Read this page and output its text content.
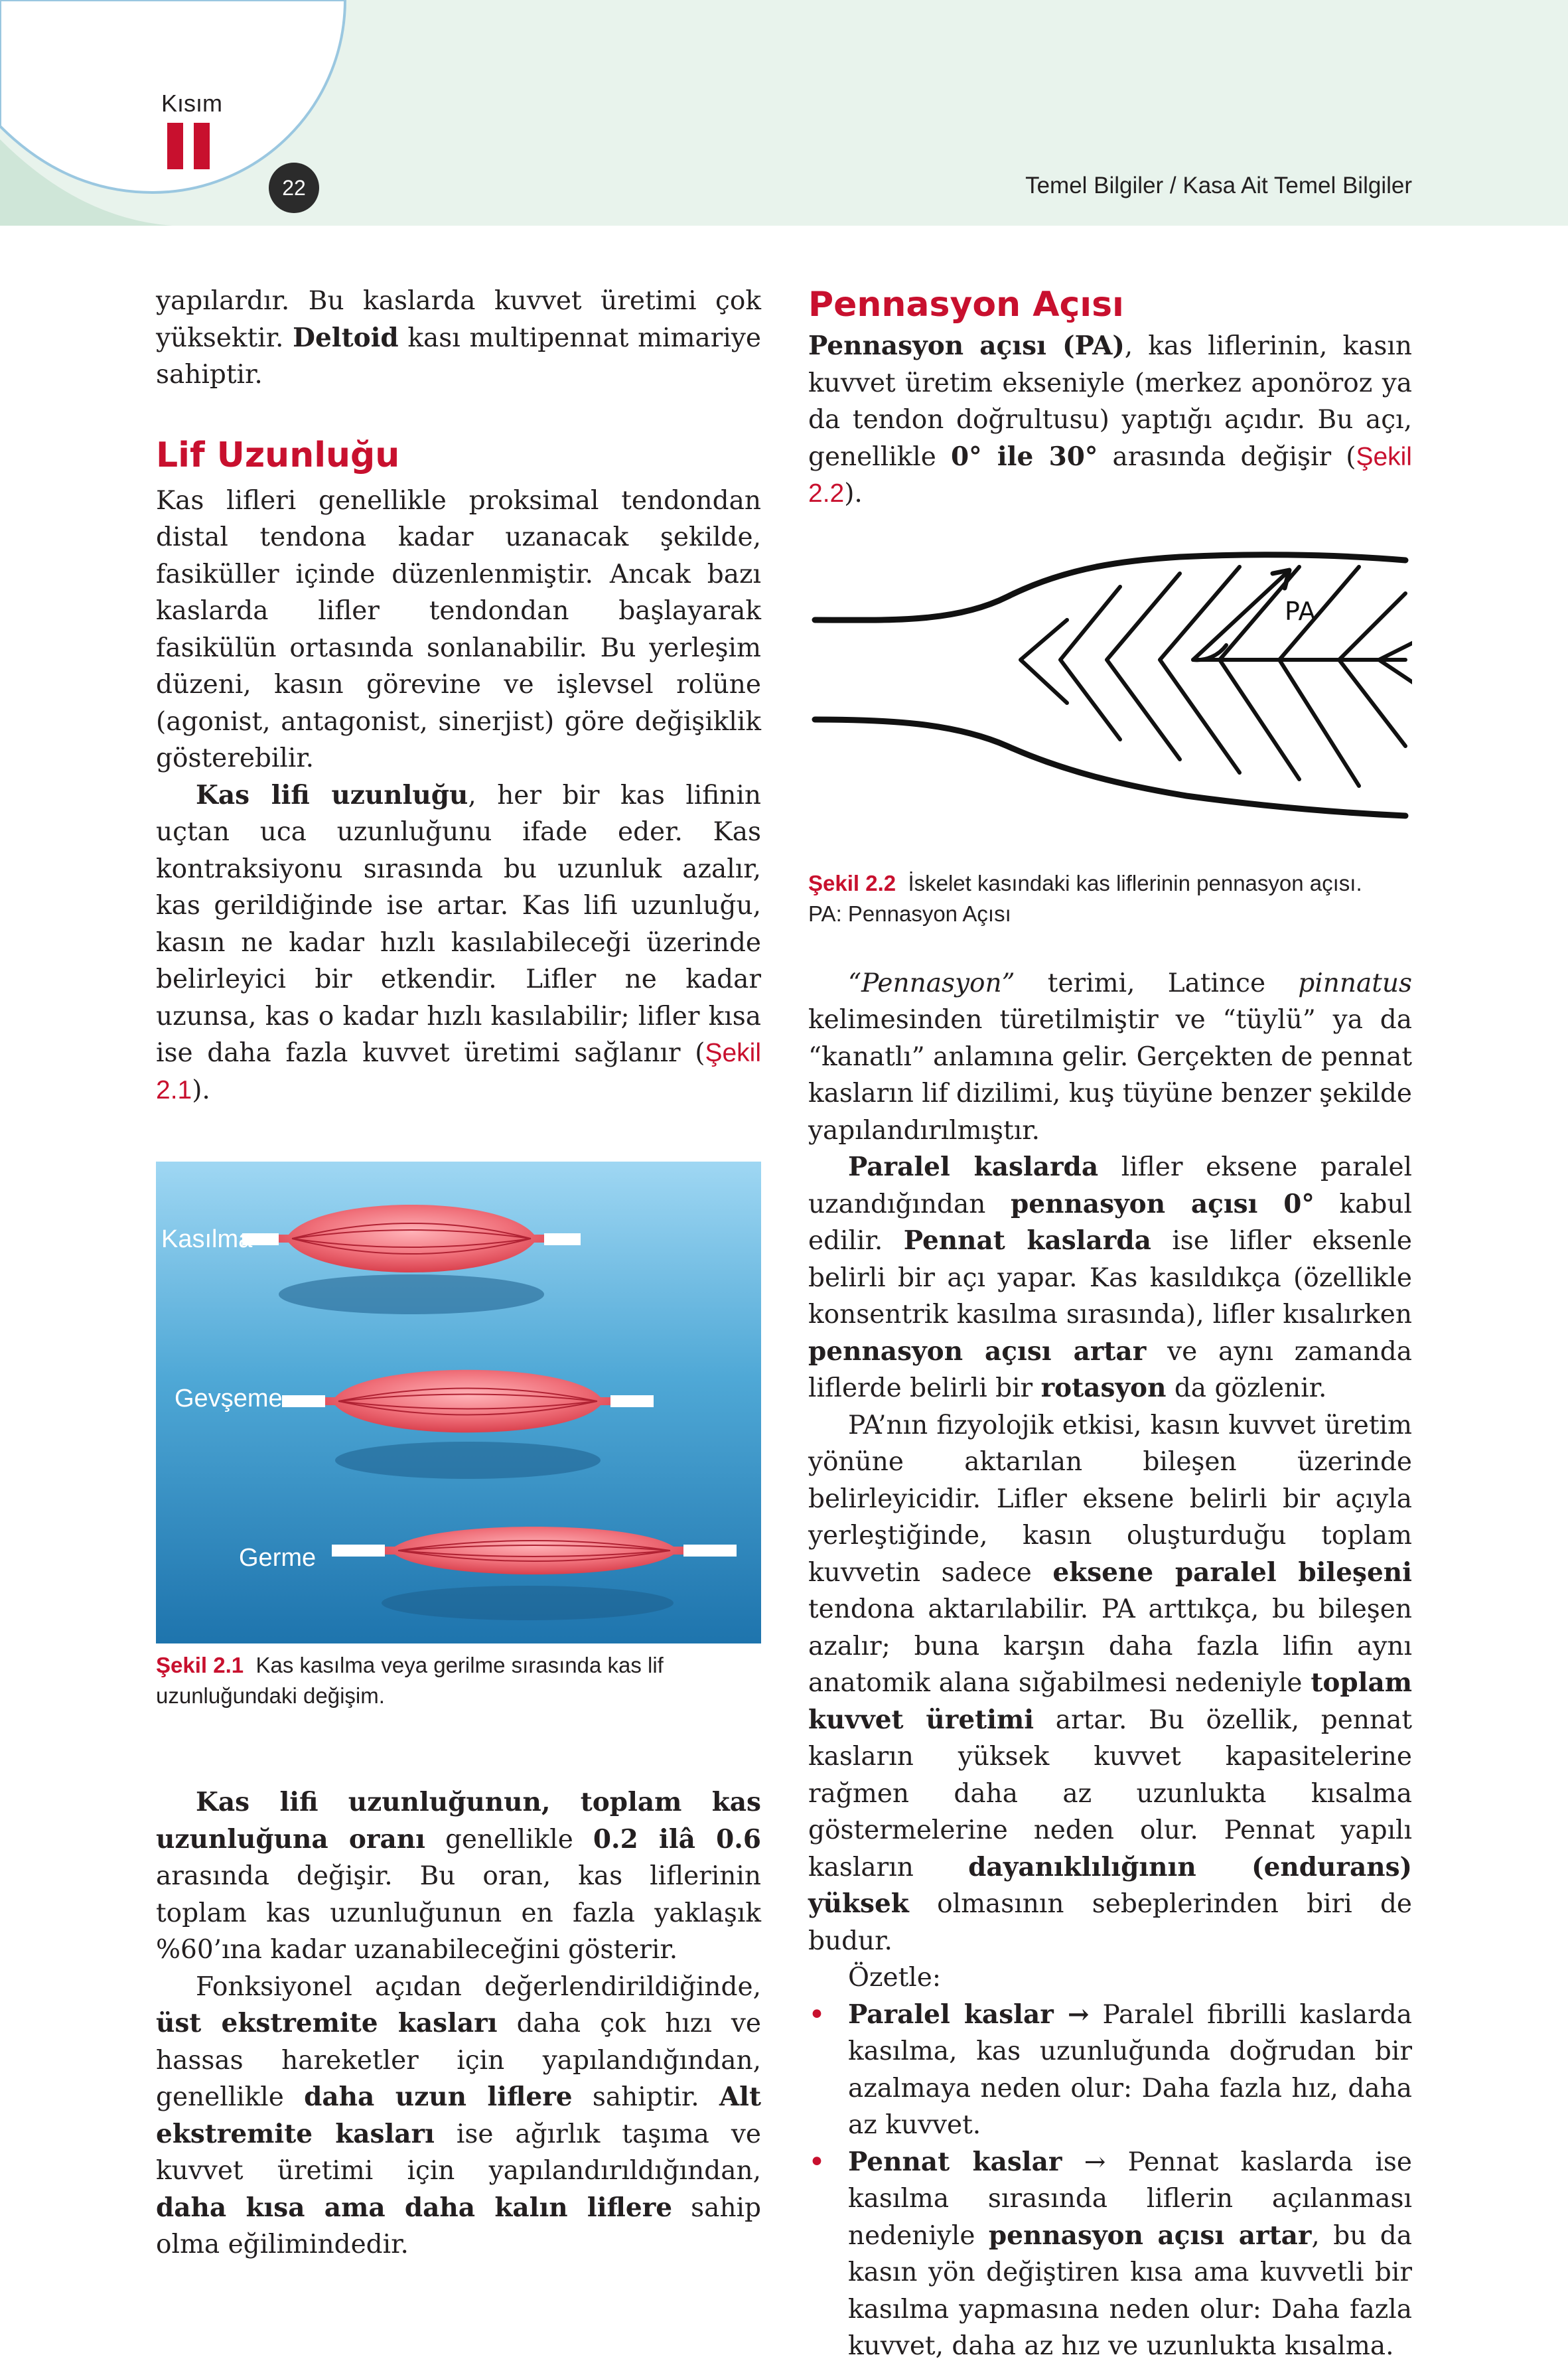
Kısım
22	Temel Bilgiler / Kasa Ait Temel Bilgiler

yapılardır. Bu kaslarda kuvvet üretimi çok yüksektir. Deltoid kası multipennat mimariye sahiptir.

Lif Uzunluğu

Kas lifleri genellikle proksimal tendondan distal tendona kadar uzanacak şekilde, fasiküller içinde düzenlenmiştir. Ancak bazı kaslarda lifler tendondan başlayarak fasikülün ortasında sonlanabilir. Bu yerleşim düzeni, kasın görevine ve işlevsel rolüne (agonist, antagonist, sinerjist) göre değişiklik gösterebilir.

Kas lifi uzunluğu, her bir kas lifinin uçtan uca uzunluğunu ifade eder. Kas kontraksiyonu sırasında bu uzunluk azalır, kas gerildiğinde ise artar. Kas lifi uzunluğu, kasın ne kadar hızlı kasılabileceği üzerinde belirleyici bir etkendir. Lifler ne kadar uzunsa, kas o kadar hızlı kasılabilir; lifler kısa ise daha fazla kuvvet üretimi sağlanır (Şekil 2.1).

Kasılma
Gevşeme
Germe
Şekil 2.1 Kas kasılma veya gerilme sırasında kas lif uzunluğundaki değişim.

Kas lifi uzunluğunun, toplam kas uzunluğuna oranı genellikle 0.2 ilâ 0.6 arasında değişir. Bu oran, kas liflerinin toplam kas uzunluğunun en fazla yaklaşık %60’ına kadar uzanabileceğini gösterir.

Fonksiyonel açıdan değerlendirildiğinde, üst ekstremite kasları daha çok hızı ve hassas hareketler için yapılandığından, genellikle daha uzun liflere sahiptir. Alt ekstremite kasları ise ağırlık taşıma ve kuvvet üretimi için yapılandırıldığından, daha kısa ama daha kalın liflere sahip olma eğilimindedir.

Pennasyon Açısı

Pennasyon açısı (PA), kas liflerinin, kasın kuvvet üretim ekseniyle (merkez aponöroz ya da tendon doğrultusu) yaptığı açıdır. Bu açı, genellikle 0° ile 30° arasında değişir (Şekil 2.2).

PA
Şekil 2.2 İskelet kasındaki kas liflerinin pennasyon açısı.
PA: Pennasyon Açısı

“Pennasyon” terimi, Latince pinnatus kelimesinden türetilmiştir ve “tüylü” ya da “kanatlı” anlamına gelir. Gerçekten de pennat kasların lif dizilimi, kuş tüyüne benzer şekilde yapılandırılmıştır.

Paralel kaslarda lifler eksene paralel uzandığından pennasyon açısı 0° kabul edilir. Pennat kaslarda ise lifler eksenle belirli bir açı yapar. Kas kasıldıkça (özellikle konsentrik kasılma sırasında), lifler kısalırken pennasyon açısı artar ve aynı zamanda liflerde belirli bir rotasyon da gözlenir.

PA’nın fizyolojik etkisi, kasın kuvvet üretim yönüne aktarılan bileşen üzerinde belirleyicidir. Lifler eksene belirli bir açıyla yerleştiğinde, kasın oluşturduğu toplam kuvvetin sadece eksene paralel bileşeni tendona aktarılabilir. PA arttıkça, bu bileşen azalır; buna karşın daha fazla lifin aynı anatomik alana sığabilmesi nedeniyle toplam kuvvet üretimi artar. Bu özellik, pennat kasların yüksek kuvvet kapasitelerine rağmen daha az uzunlukta kısalma göstermelerine neden olur. Pennat yapılı kasların dayanıklılığının (endurans) yüksek olmasının sebeplerinden biri de budur.

Özetle:

• Paralel kaslar → Paralel fibrilli kaslarda kasılma, kas uzunluğunda doğrudan bir azalmaya neden olur: Daha fazla hız, daha az kuvvet.
• Pennat kaslar → Pennat kaslarda ise kasılma sırasında liflerin açılanması nedeniyle pennasyon açısı artar, bu da kasın yön değiştiren kısa ama kuvvetli bir kasılma yapmasına neden olur: Daha fazla kuvvet, daha az hız ve uzunlukta kısalma.
